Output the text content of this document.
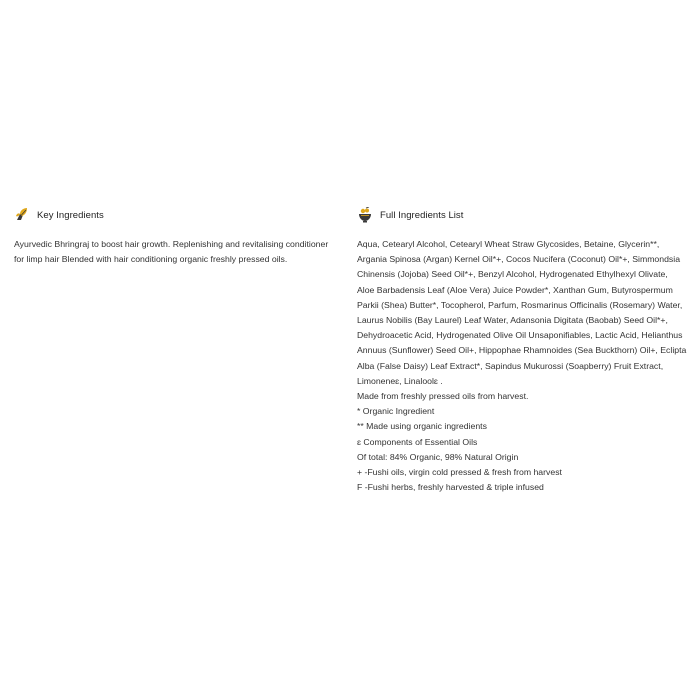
Key Ingredients

Ayurvedic Bhringraj to boost hair growth. Replenishing and revitalising conditioner for limp hair Blended with hair conditioning organic freshly pressed oils.

Full Ingredients List

Aqua, Cetearyl Alcohol, Cetearyl Wheat Straw Glycosides, Betaine, Glycerin**, Argania Spinosa (Argan) Kernel Oil*+, Cocos Nucifera (Coconut) Oil*+, Simmondsia Chinensis (Jojoba) Seed Oil*+, Benzyl Alcohol, Hydrogenated Ethylhexyl Olivate, Aloe Barbadensis Leaf (Aloe Vera) Juice Powder*, Xanthan Gum, Butyrospermum Parkii (Shea) Butter*, Tocopherol, Parfum, Rosmarinus Officinalis (Rosemary) Water, Laurus Nobilis (Bay Laurel) Leaf Water, Adansonia Digitata (Baobab) Seed Oil*+, Dehydroacetic Acid, Hydrogenated Olive Oil Unsaponifiables, Lactic Acid, Helianthus Annuus (Sunflower) Seed Oil+, Hippophae Rhamnoides (Sea Buckthorn) Oil+, Eclipta Alba (False Daisy) Leaf Extract*, Sapindus Mukurossi (Soapberry) Fruit Extract, Limoneneɛ, Linaloolɛ .

Made from freshly pressed oils from harvest.

* Organic Ingredient

** Made using organic ingredients

ɛ Components of Essential Oils

Of total: 84% Organic, 98% Natural Origin

+ -Fushi oils, virgin cold pressed & fresh from harvest

F -Fushi herbs, freshly harvested & triple infused
